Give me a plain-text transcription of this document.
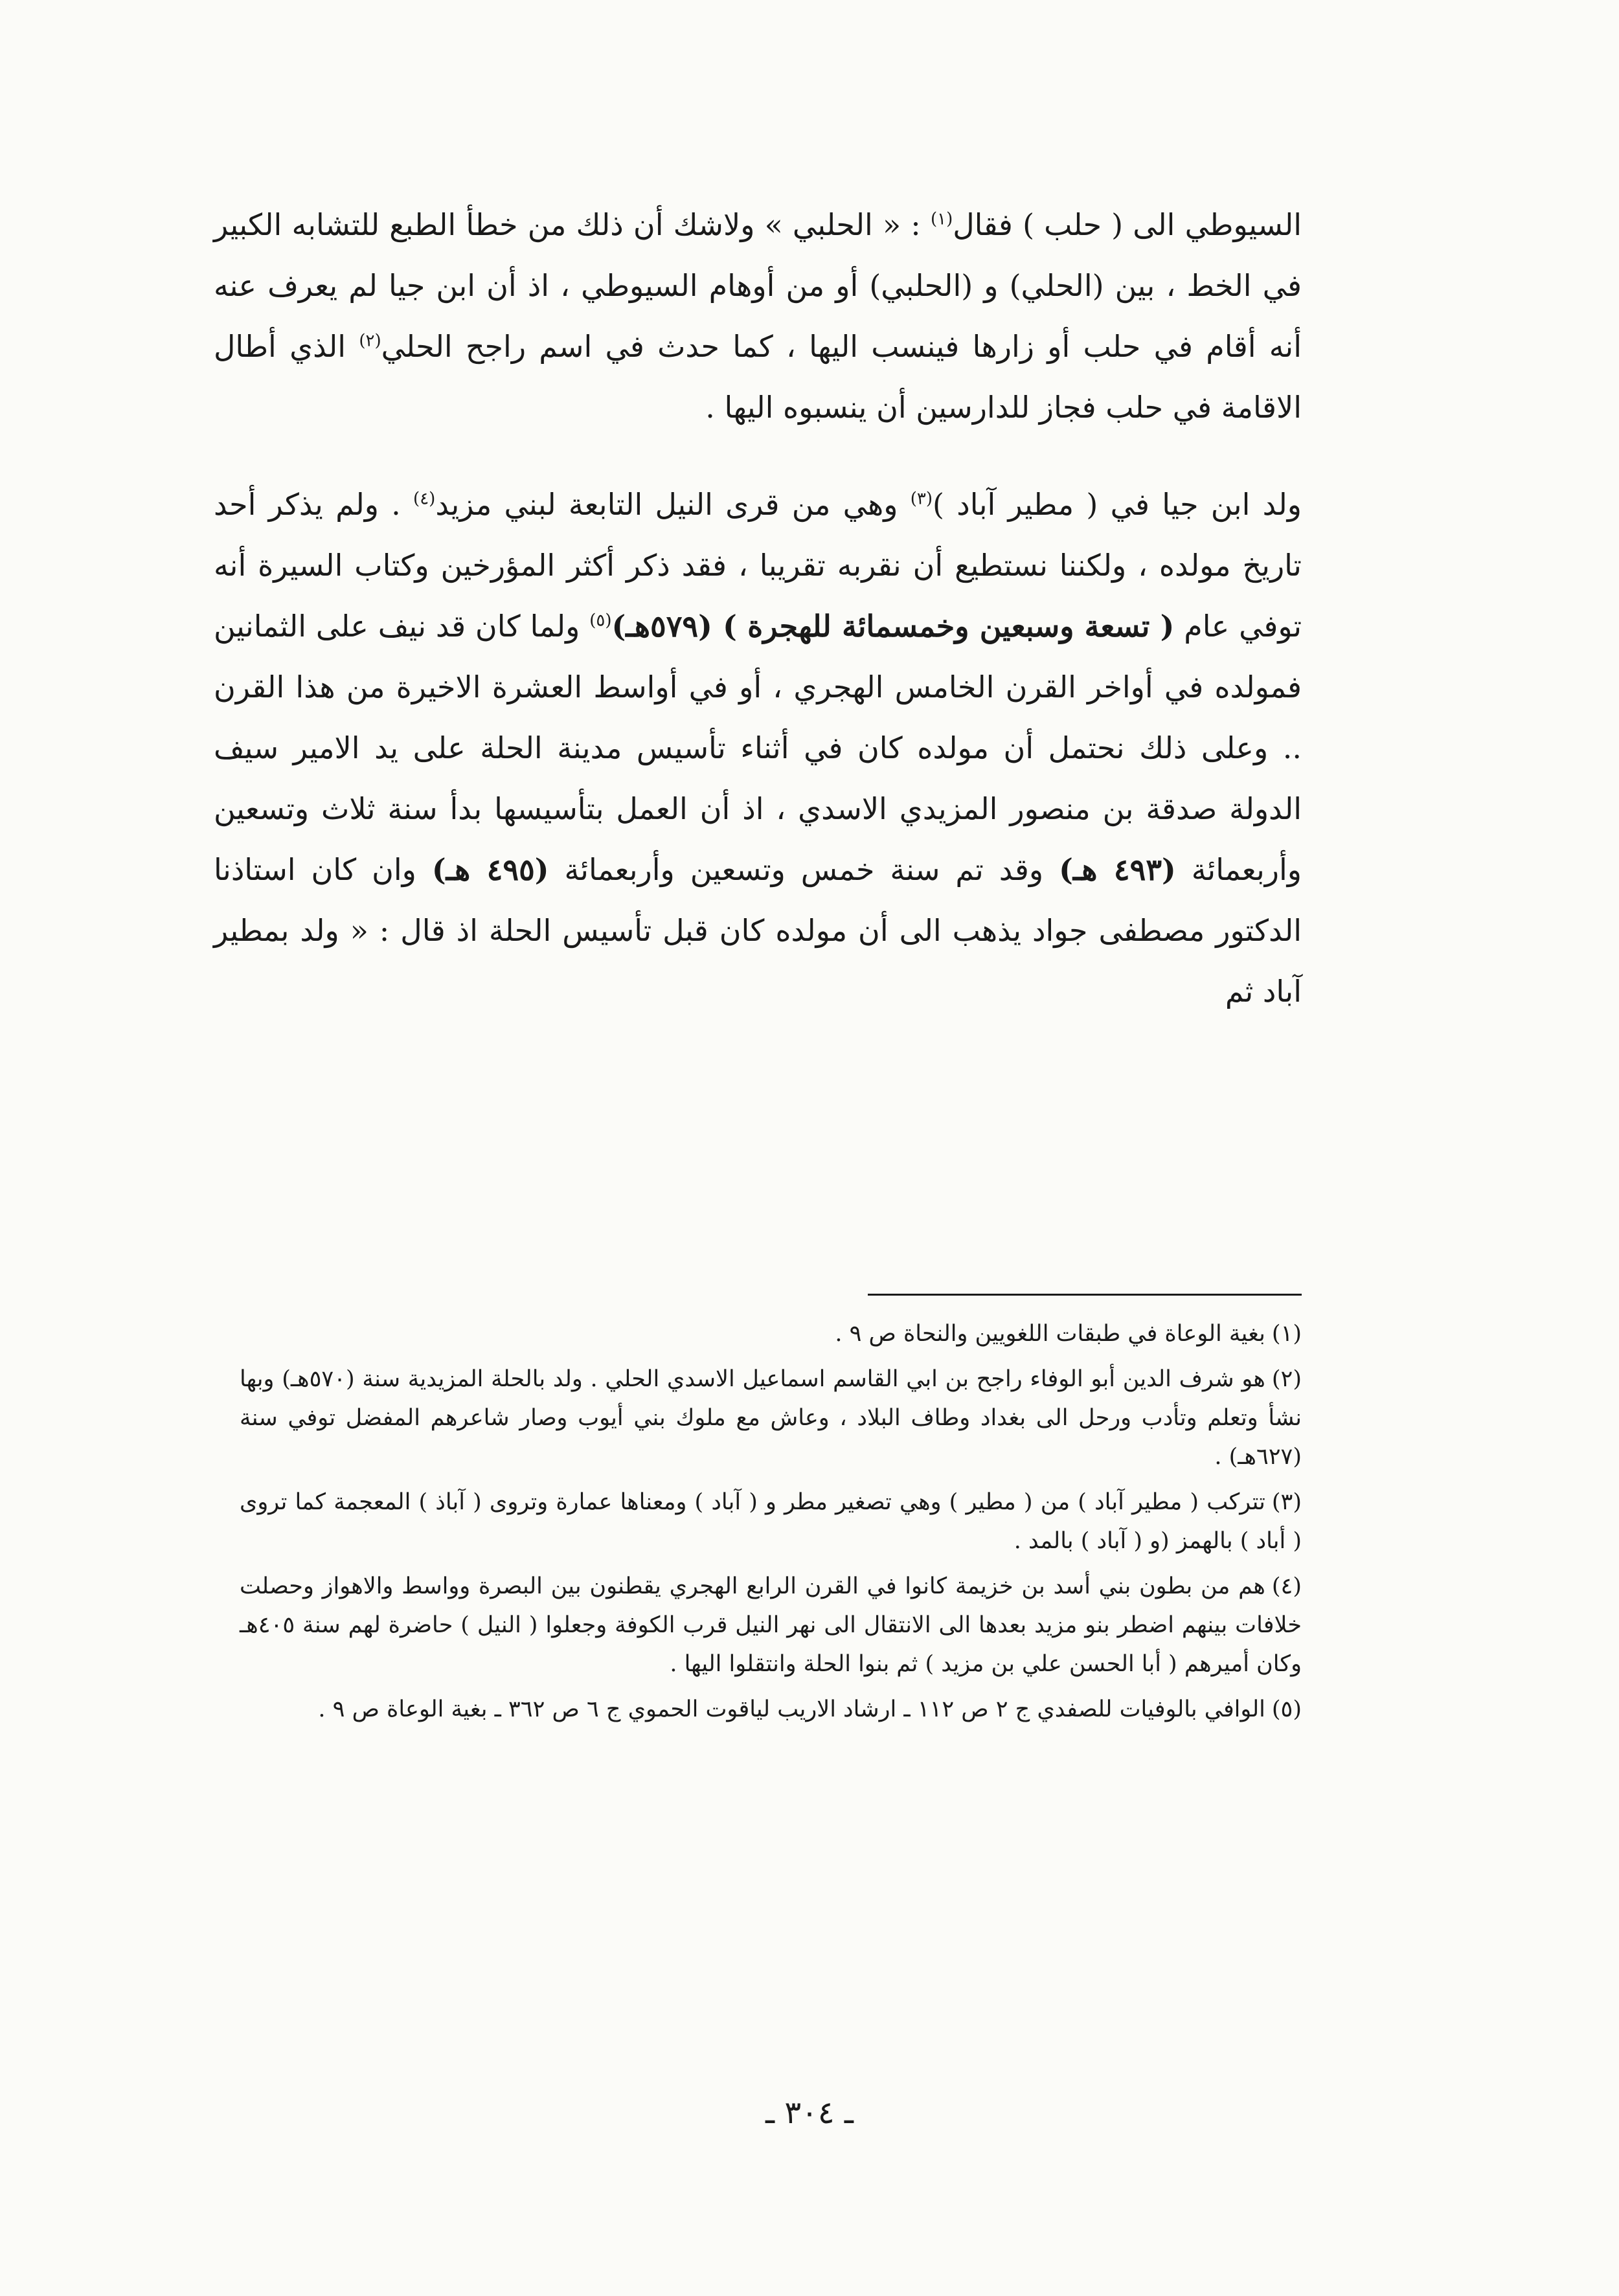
السيوطي الى ( حلب ) فقال$^{(١)}$ : « الحلبي » ولاشك أن ذلك من خطأ الطبع للتشابه الكبير في الخط ، بين (الحلي) و (الحلبي) أو من أوهام السيوطي ، اذ أن ابن جيا لم يعرف عنه أنه أقام في حلب أو زارها فينسب اليها ، كما حدث في اسم راجح الحلي$^{(٢)}$ الذي أطال الاقامة في حلب فجاز للدارسين أن ينسبوه اليها .

ولد ابن جيا في ( مطير آباد )$^{(٣)}$ وهي من قرى النيل التابعة لبني مزيد$^{(٤)}$ . ولم يذكر أحد تاريخ مولده ، ولكننا نستطيع أن نقربه تقريبا ، فقد ذكر أكثر المؤرخين وكتاب السيرة أنه توفي عام ( تسعة وسبعين وخمسمائة للهجرة ) (٥٧٩هـ)$^{(٥)}$ ولما كان قد نيف على الثمانين فمولده في أواخر القرن الخامس الهجري ، أو في أواسط العشرة الاخيرة من هذا القرن .. وعلى ذلك نحتمل أن مولده كان في أثناء تأسيس مدينة الحلة على يد الامير سيف الدولة صدقة بن منصور المزيدي الاسدي ، اذ أن العمل بتأسيسها بدأ سنة ثلاث وتسعين وأربعمائة (٤٩٣ هـ) وقد تم سنة خمس وتسعين وأربعمائة (٤٩٥ هـ) وان كان استاذنا الدكتور مصطفى جواد يذهب الى أن مولده كان قبل تأسيس الحلة اذ قال : « ولد بمطير آباد ثم

(١)بغية الوعاة في طبقات اللغويين والنحاة ص ٩ .

(٢)هو شرف الدين أبو الوفاء راجح بن ابي القاسم اسماعيل الاسدي الحلي . ولد بالحلة المزيدية سنة (٥٧٠هـ) وبها نشأ وتعلم وتأدب ورحل الى بغداد وطاف البلاد ، وعاش مع ملوك بني أيوب وصار شاعرهم المفضل توفي سنة (٦٢٧هـ) .

(٣)تتركب ( مطير آباد ) من ( مطير ) وهي تصغير مطر و ( آباد ) ومعناها عمارة وتروى ( آباذ ) المعجمة كما تروى ( أباد ) بالهمز (و ( آباد ) بالمد .

(٤)هم من بطون بني أسد بن خزيمة كانوا في القرن الرابع الهجري يقطنون بين البصرة وواسط والاهواز وحصلت خلافات بينهم اضطر بنو مزيد بعدها الى الانتقال الى نهر النيل قرب الكوفة وجعلوا ( النيل ) حاضرة لهم سنة ٤٠٥هـ وكان أميرهم ( أبا الحسن علي بن مزيد ) ثم بنوا الحلة وانتقلوا اليها .

(٥)الوافي بالوفيات للصفدي ج ٢ ص ١١٢ ـ ارشاد الاريب لياقوت الحموي ج ٦ ص ٣٦٢ ـ بغية الوعاة ص ٩ .

ـ ٣٠٤ ـ
